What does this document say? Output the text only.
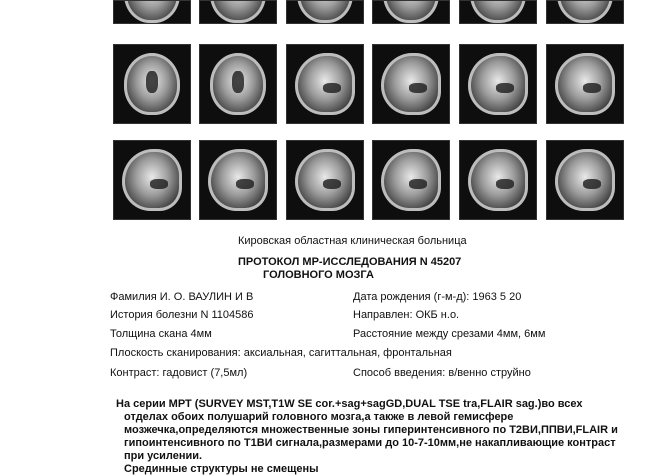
Кировская областная клиническая больница
ПРОТОКОЛ МР-ИССЛЕДОВАНИЯ N 45207
ГОЛОВНОГО МОЗГА
Фамилия И. О. ВАУЛИН И В	Дата рождения (г-м-д): 1963 5 20
История болезни N 1104586	Направлен: ОКБ н.о.
Толщина скана 4мм	Расстояние между срезами 4мм, 6мм
Плоскость сканирования: аксиальная, сагиттальная, фронтальная
Контраст: гадовист (7,5мл)	Способ введения: в/венно струйно
На серии МРТ (SURVEY MST,T1W SE cor.+sag+sagGD,DUAL TSE tra,FLAIR sag.)во всех
отделах обоих полушарий головного мозга,а также в левой гемисфере
мозжечка,определяются множественные зоны гиперинтенсивного по Т2ВИ,ППВИ,FLAIR и
гипоинтенсивного по Т1ВИ сигнала,размерами до 10-7-10мм,не накапливающие контраст
при усилении.
Срединные структуры не смещены
